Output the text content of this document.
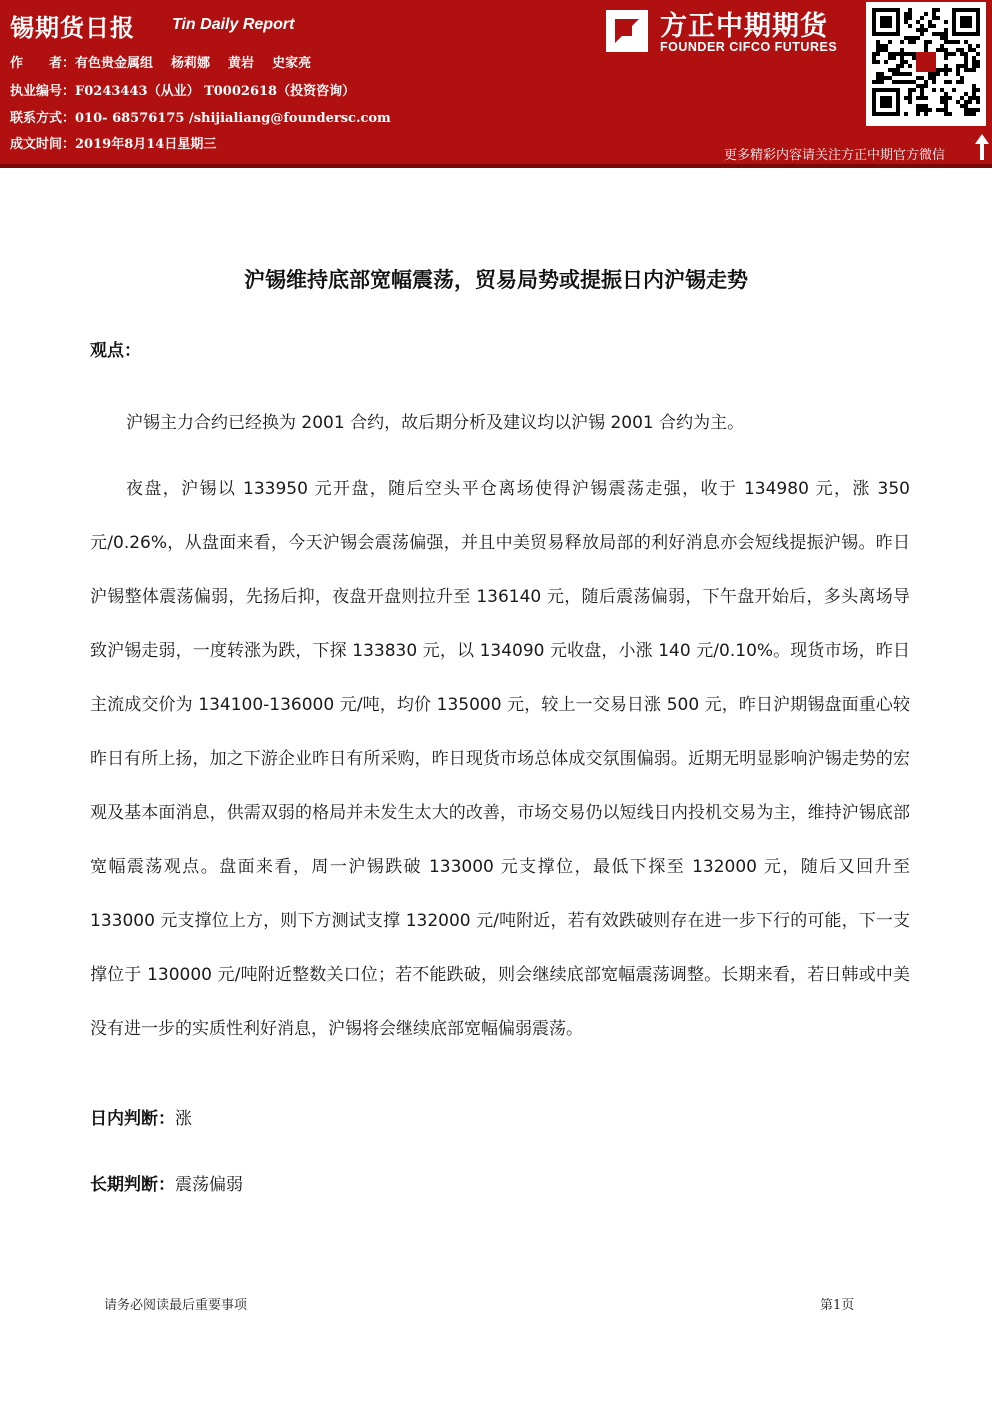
锡期货日报 Tin Daily Report
作　　者：有色贵金属组 杨莉娜 黄岩 史家亮
执业编号：F0243443（从业） T0002618（投资咨询）
联系方式：010- 68576175 /shijialiang@foundersc.com
成文时间：2019年8月14日星期三
方正中期期货
FOUNDER CIFCO FUTURES
更多精彩内容请关注方正中期官方微信
沪锡维持底部宽幅震荡，贸易局势或提振日内沪锡走势
观点：

沪锡主力合约已经换为 2001 合约，故后期分析及建议均以沪锡 2001 合约为主。

夜盘，沪锡以 133950 元开盘，随后空头平仓离场使得沪锡震荡走强，收于 134980 元，涨 350 元/0.26%，从盘面来看，今天沪锡会震荡偏强，并且中美贸易释放局部的利好消息亦会短线提振沪锡。昨日沪锡整体震荡偏弱，先扬后抑，夜盘开盘则拉升至 136140 元，随后震荡偏弱，下午盘开始后，多头离场导致沪锡走弱，一度转涨为跌，下探 133830 元，以 134090 元收盘，小涨 140 元/0.10%。现货市场，昨日主流成交价为 134100-136000 元/吨，均价 135000 元，较上一交易日涨 500 元，昨日沪期锡盘面重心较昨日有所上扬，加之下游企业昨日有所采购，昨日现货市场总体成交氛围偏弱。近期无明显影响沪锡走势的宏观及基本面消息，供需双弱的格局并未发生太大的改善，市场交易仍以短线日内投机交易为主，维持沪锡底部宽幅震荡观点。盘面来看，周一沪锡跌破 133000 元支撑位，最低下探至 132000 元，随后又回升至 133000 元支撑位上方，则下方测试支撑 132000 元/吨附近，若有效跌破则存在进一步下行的可能，下一支撑位于 130000 元/吨附近整数关口位；若不能跌破，则会继续底部宽幅震荡调整。长期来看，若日韩或中美没有进一步的实质性利好消息，沪锡将会继续底部宽幅偏弱震荡。

日内判断：涨
长期判断：震荡偏弱
请务必阅读最后重要事项	第1页
